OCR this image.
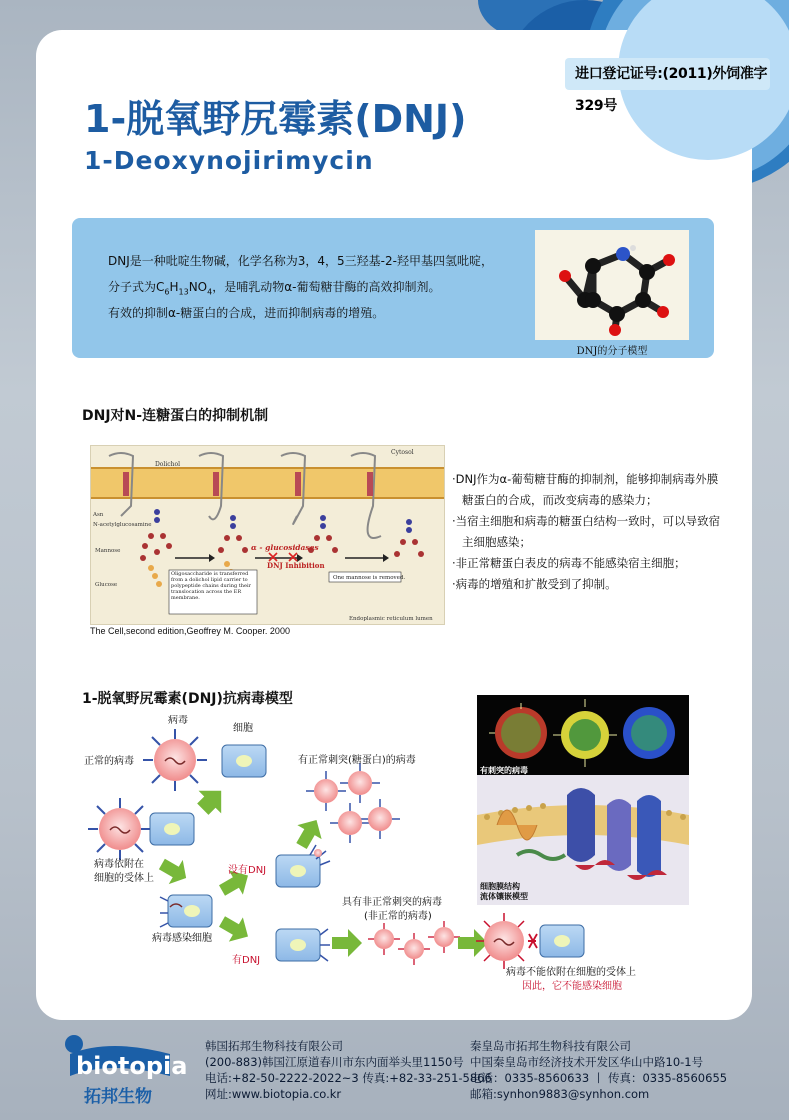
进口登记证号:(2011)外饲准字329号
1-脱氧野尻霉素(DNJ)
1-Deoxynojirimycin
DNJ是一种吡啶生物碱，化学名称为3，4，5三羟基-2-羟甲基四氢吡啶，
分子式为$C_6H_{13}NO_4$，是哺乳动物α-葡萄糖苷酶的高效抑制剂。
有效的抑制α-糖蛋白的合成，进而抑制病毒的增殖。
DNJ的分子模型
DNJ对N-连糖蛋白的抑制机制
α - glucosidases
DNJ Inhibition
Cytosol
Dolichol
Asn
N-acetylglucosamine
Mannose
Glucose
Oligosaccharide is transferred from a dolichol lipid carrier to polypeptide chains during their translocation across the ER membrane.
One mannose is removed.
Endoplasmic reticulum lumen
The Cell,second edition,Geoffrey M. Cooper. 2000
·DNJ作为α-葡萄糖苷酶的抑制剂，能够抑制病毒外膜
糖蛋白的合成，而改变病毒的感染力；
·当宿主细胞和病毒的糖蛋白结构一致时，可以导致宿
主细胞感染；
·非正常糖蛋白表皮的病毒不能感染宿主细胞；
·病毒的增殖和扩散受到了抑制。
1-脱氧野尻霉素(DNJ)抗病毒模型
病毒
细胞
正常的病毒
病毒依附在
细胞的受体上
病毒感染细胞
没有DNJ
有正常刺突(糖蛋白)的病毒
有DNJ
具有非正常刺突的病毒
(非正常的病毒)
病毒不能依附在细胞的受体上
因此，它不能感染细胞
有刺突的病毒
细胞膜结构
流体镶嵌模型
biotopia
拓邦生物
韩国拓邦生物科技有限公司
(200-883)韩国江原道春川市东内面举头里1150号
电话:+82-50-2222-2022~3 传真:+82-33-251-5866
网址:www.biotopia.co.kr
秦皇岛市拓邦生物科技有限公司
中国秦皇岛市经济技术开发区华山中路10-1号
电话：0335-8560633 丨 传真：0335-8560655
邮箱:synhon9883@synhon.com
